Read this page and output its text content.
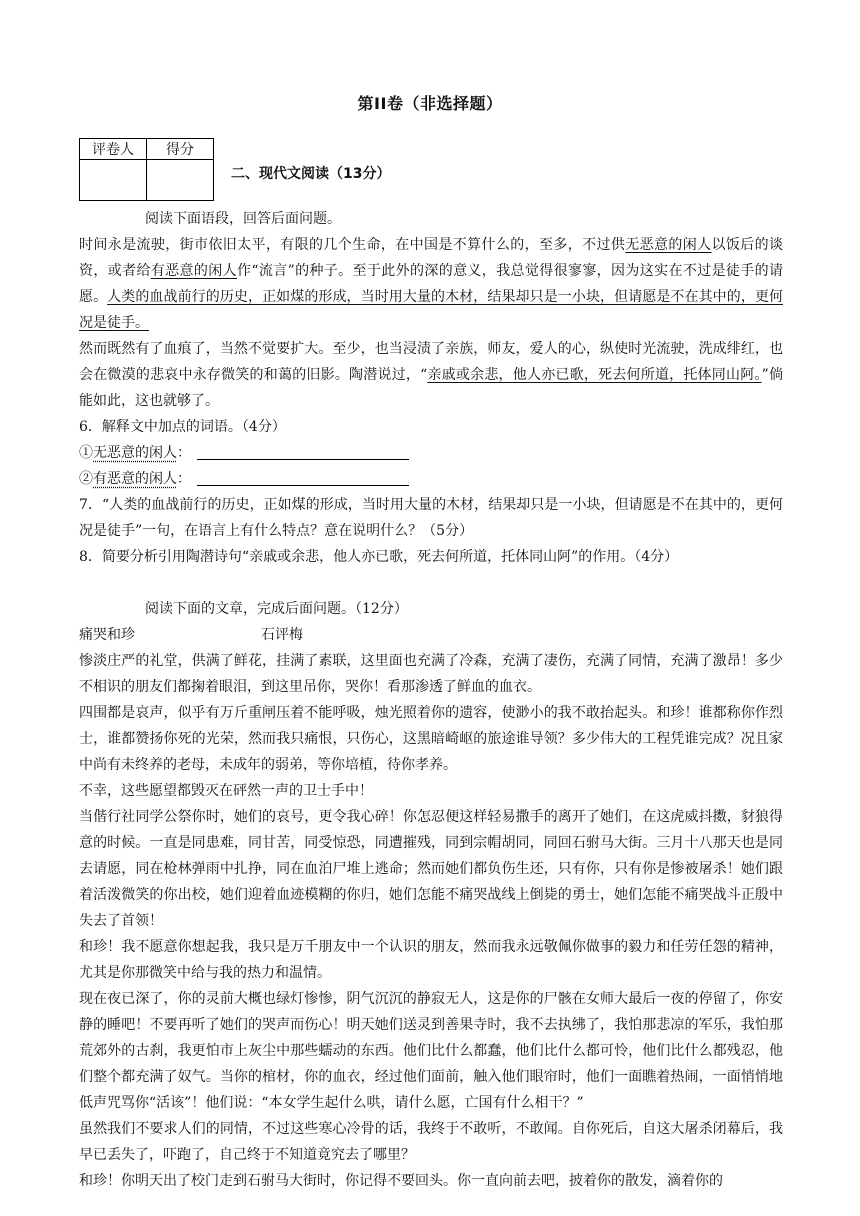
第II卷（非选择题）
评卷人	得分

二、现代文阅读（13分）

阅读下面语段，回答后面问题。

时间永是流驶，街市依旧太平，有限的几个生命，在中国是不算什么的，至多，不过供无恶意的闲人以饭后的谈资，或者给有恶意的闲人作“流言”的种子。至于此外的深的意义，我总觉得很寥寥，因为这实在不过是徒手的请愿。人类的血战前行的历史，正如煤的形成，当时用大量的木材，结果却只是一小块，但请愿是不在其中的，更何况是徒手。

然而既然有了血痕了，当然不觉要扩大。至少，也当浸渍了亲族，师友，爱人的心，纵使时光流驶，洗成绯红，也会在微漠的悲哀中永存微笑的和蔼的旧影。陶潜说过，“亲戚或余悲，他人亦已歌，死去何所道，托体同山阿。”倘能如此，这也就够了。

6．解释文中加点的词语。（4分）

①无恶意的闲人：

②有恶意的闲人：

7．“人类的血战前行的历史，正如煤的形成，当时用大量的木材，结果却只是一小块，但请愿是不在其中的，更何况是徒手”一句，在语言上有什么特点？意在说明什么？（5分）

8．简要分析引用陶潜诗句“亲戚或余悲，他人亦已歌，死去何所道，托体同山阿”的作用。（4分）

阅读下面的文章，完成后面问题。（12分）

痛哭和珍	石评梅

惨淡庄严的礼堂，供满了鲜花，挂满了素联，这里面也充满了冷森，充满了凄伤，充满了同情，充满了激昂！多少不相识的朋友们都掬着眼泪，到这里吊你，哭你！看那渗透了鲜血的血衣。

四围都是哀声，似乎有万斤重闸压着不能呼吸，烛光照着你的遗容，使渺小的我不敢抬起头。和珍！谁都称你作烈士，谁都赞扬你死的光荣，然而我只痛恨，只伤心，这黑暗崎岖的旅途谁导领？多少伟大的工程凭谁完成？况且家中尚有未终养的老母，未成年的弱弟，等你培植，待你孝养。

不幸，这些愿望都毁灭在砰然一声的卫士手中！

当偕行社同学公祭你时，她们的哀号，更令我心碎！你怎忍便这样轻易撒手的离开了她们，在这虎威抖擞，豺狼得意的时候。一直是同患难，同甘苦，同受惊恐，同遭摧残，同到宗帽胡同，同回石驸马大街。三月十八那天也是同去请愿，同在枪林弹雨中扎挣，同在血泊尸堆上逃命；然而她们都负伤生还，只有你，只有你是惨被屠杀！她们跟着活泼微笑的你出校，她们迎着血迹模糊的你归，她们怎能不痛哭战线上倒毙的勇士，她们怎能不痛哭战斗正殷中失去了首领！

和珍！我不愿意你想起我，我只是万千朋友中一个认识的朋友，然而我永远敬佩你做事的毅力和任劳任怨的精神，尤其是你那微笑中给与我的热力和温情。

现在夜已深了，你的灵前大概也绿灯惨惨，阴气沉沉的静寂无人，这是你的尸骸在女师大最后一夜的停留了，你安静的睡吧！不要再听了她们的哭声而伤心！明天她们送灵到善果寺时，我不去执绋了，我怕那悲凉的军乐，我怕那荒郊外的古刹，我更怕市上灰尘中那些蠕动的东西。他们比什么都蠢，他们比什么都可怜，他们比什么都残忍，他们整个都充满了奴气。当你的棺材，你的血衣，经过他们面前，触入他们眼帘时，他们一面瞧着热闹，一面悄悄地低声咒骂你“活该”！他们说：“本女学生起什么哄，请什么愿，亡国有什么相干？”

虽然我们不要求人们的同情，不过这些寒心冷骨的话，我终于不敢听，不敢闻。自你死后，自这大屠杀闭幕后，我早已丢失了，吓跑了，自己终于不知道竟究去了哪里？

和珍！你明天出了校门走到石驸马大街时，你记得不要回头。你一直向前去吧，披着你的散发，滴着你的
